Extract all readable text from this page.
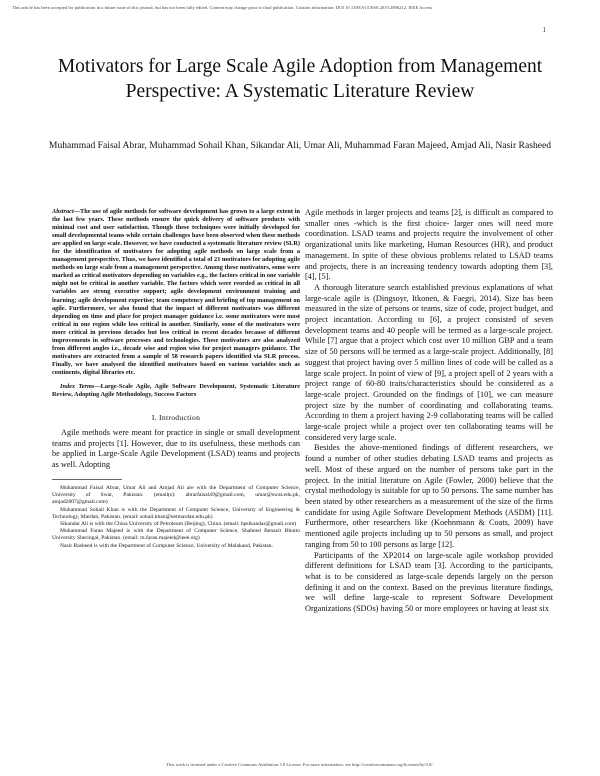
This article has been accepted for publication in a future issue of this journal, but has not been fully edited. Content may change prior to final publication. Citation information: DOI 10.1109/ACCESS.2019.2896212, IEEE Access
1
Motivators for Large Scale Agile Adoption from Management Perspective: A Systematic Literature Review
Muhammad Faisal Abrar, Muhammad Sohail Khan, Sikandar Ali, Umar Ali, Muhammad Faran Majeed, Amjad Ali, Nasir Rasheed

Abstract—The use of agile methods for software development has grown to a large extent in the last few years. These methods ensure the quick delivery of software products with minimal cost and user satisfaction. Though these techniques were initially developed for small developmental teams while certain challenges have been observed when these methods are applied on large scale. However, we have conducted a systematic literature review (SLR) for the identification of motivators for adopting agile methods on large scale from a management perspective. Thus, we have identified a total of 21 motivators for adopting agile methods on large scale from a management perspective. Among these motivators, some were marked as critical motivators depending on variables e.g., the factors critical in one variable might not be critical in another variable. The factors which were reorded as critical in all variables are strong executive support; agile development environment training and learning; agile development expertise; team competency and briefing of top management on agile. Furthermore, we also found that the impact of different motivators was different depending on time and place for project manager guidance i.e. some motivators were most critical in one region while less critical in another. Similarly, some of the motivators were more critical in previous decades but less critical in recent decades because of different improvements in software processes and technologies. These motivators are also analyzed from different angles i.e., decade wise and region wise for project managers guidance. The motivators are extracted from a sample of 58 research papers identified via SLR process. Finally, we have analysed the identified motivators based on various variables such as continents, digital libraries etc.

Index Terms—Large-Scale Agile, Agile Software Development, Systematic Literature Review, Adopting Agile Methodology, Success Factors

I. Introduction

Agile methods were meant for practice in single or small development teams and projects [1]. However, due to its usefulness, these methods can be applied in Large-Scale Agile Development (LSAD) teams and projects as well. Adopting

Muhammad Faisal Abrar, Umar Ali and Amjad Ali are with the Department of Computer Science, University of Swat, Pakistan. (email(s): abrarfaisal49@gmail.com, umar@swat.edu.pk, amjad2007@gmail.com)

Muhammad Sohail Khan is with the Department of Computer Science, University of Engineering & Technology, Mardan, Pakistan. (email: sohail.khan@uetmardan.edu.pk)

Sikandar Ali is with the China University of Petroleum (Beijing), China. (email: hpsikandar@gmail.com)

Muhammad Faran Majeed is with the Department of Computer Science, Shaheed Benazir Bhutto University Sheringal, Pakistan. (email: m.faran.majeed@ieee.org)

Nasir Rasheed is with the Department of Computer Science, University of Malakand, Pakistan.

Agile methods in larger projects and teams [2], is difficult as compared to smaller ones -which is the first choice- larger ones will need more coordination. LSAD teams and projects require the involvement of other organizational units like marketing, Human Resources (HR), and product management. In spite of these obvious problems related to LSAD teams and projects, there is an increasing tendency towards adopting them [3], [4], [5].

A thorough literature search established previous explanations of what large-scale agile is (Dingsoyr, Itkonen, & Faegri, 2014). Size has been measured in the size of persons or teams, size of code, project budget, and project incantation. According to [6], a project consisted of seven development teams and 40 people will be termed as a large-scale project. While [7] argue that a project which cost over 10 million GBP and a team size of 50 persons will be termed as a large-scale project. Additionally, [8] suggest that project having over 5 million lines of code will be called as a large scale project. In point of view of [9], a project spell of 2 years with a project range of 60-80 traits/characteristics should be considered as a large-scale project. Grounded on the findings of [10], we can measure project size by the number of coordinating and collaborating teams. According to them a project having 2-9 collaborating teams will be called large-scale project while a project over ten collaborating teams will be considered very large scale.

Besides the above-mentioned findings of different researchers, we found a number of other studies debating LSAD teams and projects as well. Most of these argued on the number of persons take part in the project. In the initial literature on Agile (Fowler, 2000) believe that the crystal methodology is suitable for up to 50 persons. The same number has been stated by other researchers as a measurement of the size of the firms candidate for using Agile Software Development Methods (ASDM) [11]. Furthermore, other researchers like (Koehnmann & Coats, 2009) have mentioned agile projects including up to 50 persons as small, and project ranging from 50 to 100 persons as large [12].

Participants of the XP2014 on large-scale agile workshop provided different definitions for LSAD team [3]. According to the participants, what is to be considered as large-scale depends largely on the person defining it and on the context. Based on the previous literature findings, we will define large-scale to represent Software Development Organizations (SDOs) having 50 or more employees or having at least six

This work is licensed under a Creative Commons Attribution 3.0 License. For more information, see http://creativecommons.org/licenses/by/3.0/.
